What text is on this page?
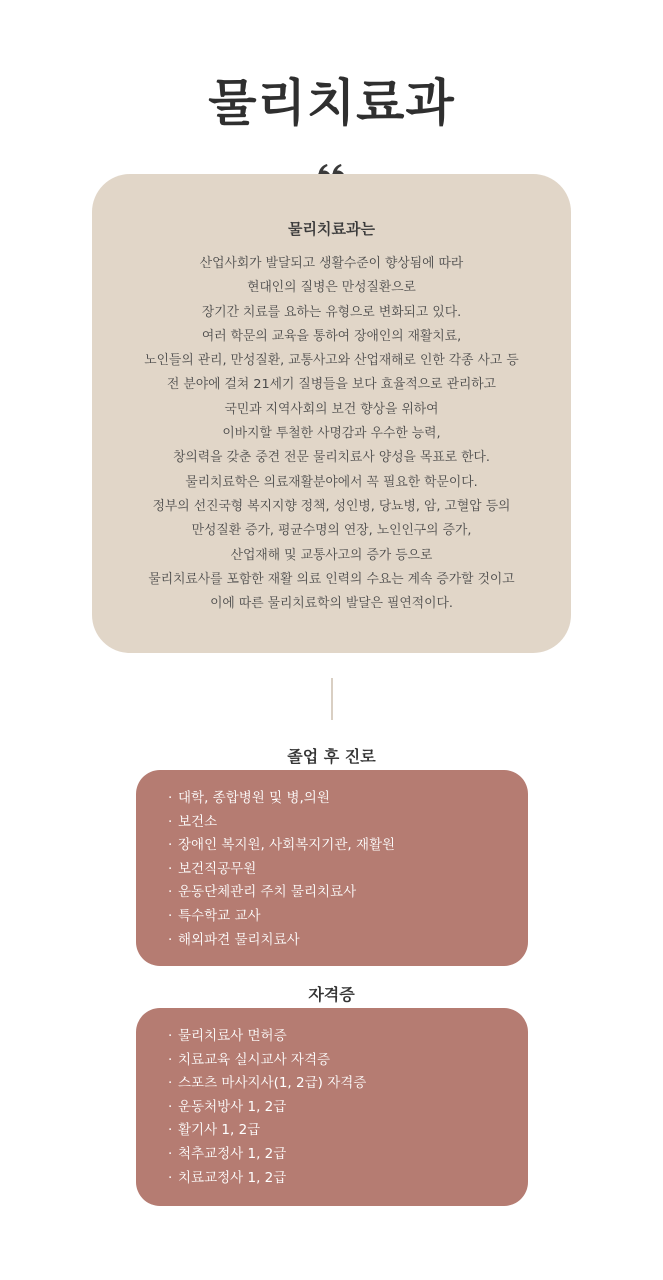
물리치료과
물리치료과는
산업사회가 발달되고 생활수준이 향상됨에 따라
현대인의 질병은 만성질환으로
장기간 치료를 요하는 유형으로 변화되고 있다.
여러 학문의 교육을 통하여 장애인의 재활치료,
노인들의 관리, 만성질환, 교통사고와 산업재해로 인한 각종 사고 등
전 분야에 걸쳐 21세기 질병들을 보다 효율적으로 관리하고
국민과 지역사회의 보건 향상을 위하여
이바지할 투철한 사명감과 우수한 능력,
창의력을 갖춘 중견 전문 물리치료사 양성을 목표로 한다.
물리치료학은 의료재활분야에서 꼭 필요한 학문이다.
정부의 선진국형 복지지향 정책, 성인병, 당뇨병, 암, 고혈압 등의
만성질환 증가, 평균수명의 연장, 노인인구의 증가,
산업재해 및 교통사고의 증가 등으로
물리치료사를 포함한 재활 의료 인력의 수요는 계속 증가할 것이고
이에 따른 물리치료학의 발달은 필연적이다.
졸업 후 진로
· 대학, 종합병원 및 병,의원
· 보건소
· 장애인 복지원, 사회복지기관, 재활원
· 보건직공무원
· 운동단체관리 주치 물리치료사
· 특수학교 교사
· 해외파견 물리치료사
자격증
· 물리치료사 면허증
· 치료교육 실시교사 자격증
· 스포츠 마사지사(1, 2급) 자격증
· 운동처방사 1, 2급
· 활기사 1, 2급
· 척추교정사 1, 2급
· 치료교정사 1, 2급
